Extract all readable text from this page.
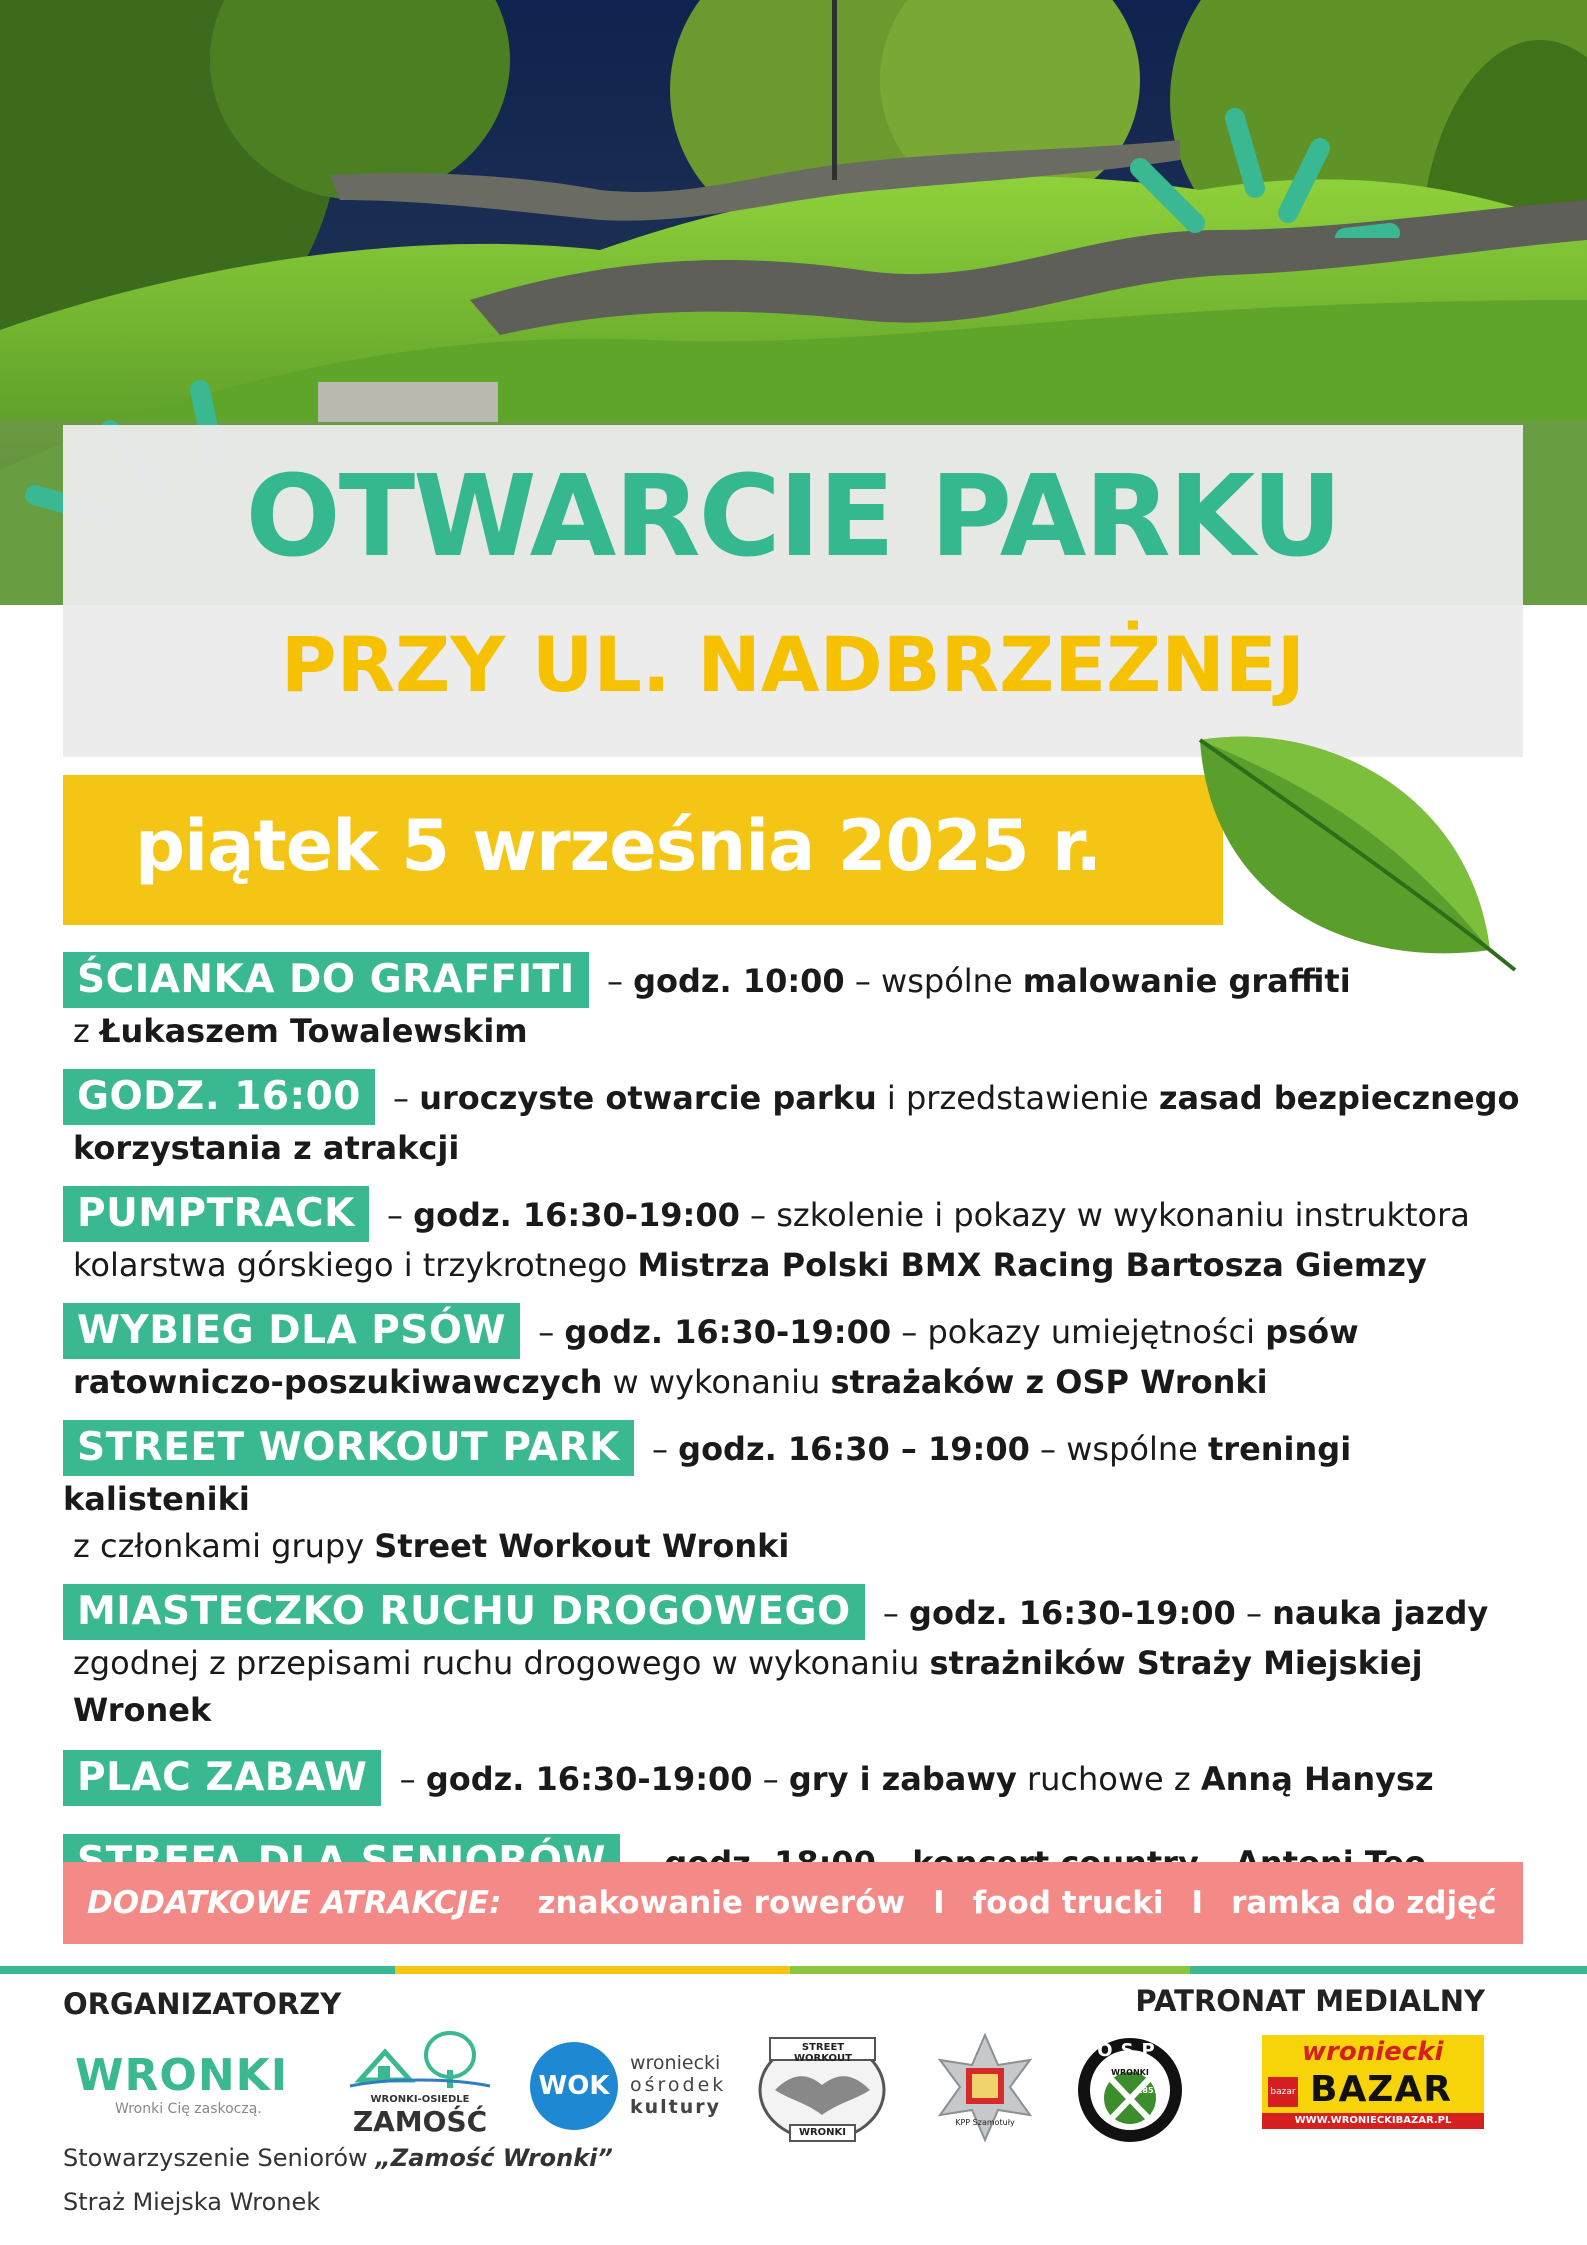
OTWARCIE PARKU
PRZY UL. NADBRZEŻNEJ
piątek 5 września 2025 r.

ŚCIANKA DO GRAFFITI – godz. 10:00 – wspólne malowanie graffiti
z Łukaszem Towalewskim

GODZ. 16:00 – uroczyste otwarcie parku i przedstawienie zasad bezpiecznego
korzystania z atrakcji

PUMPTRACK – godz. 16:30-19:00 – szkolenie i pokazy w wykonaniu instruktora
kolarstwa górskiego i trzykrotnego Mistrza Polski BMX Racing Bartosza Giemzy

WYBIEG DLA PSÓW – godz. 16:30-19:00 – pokazy umiejętności psów
ratowniczo-poszukiwawczych w wykonaniu strażaków z OSP Wronki

STREET WORKOUT PARK – godz. 16:30 – 19:00 – wspólne treningi kalisteniki
z członkami grupy Street Workout Wronki

MIASTECZKO RUCHU DROGOWEGO – godz. 16:30-19:00 – nauka jazdy
zgodnej z przepisami ruchu drogowego w wykonaniu strażników Straży Miejskiej
Wronek

PLAC ZABAW – godz. 16:30-19:00 – gry i zabawy ruchowe z Anną Hanysz

DODATKOWE ATRAKCJE: znakowanie rowerów I food trucki I ramka do zdjęć
ORGANIZATORZY	PATRONAT MEDIALNY
WRONKI
Wronki Cię zaskoczą.
WRONKI-OSIEDLE
ZAMOŚĆ
WOK
wroniecki
ośrodek
kultury
STREET WORKOUT
WRONKI
KPP Szamotuły
OSP
WRONKI
1857
wroniecki
bazar BAZAR
WWW.WRONIECKIBAZAR.PL
Stowarzyszenie Seniorów „Zamość Wronki”
Straż Miejska Wronek
